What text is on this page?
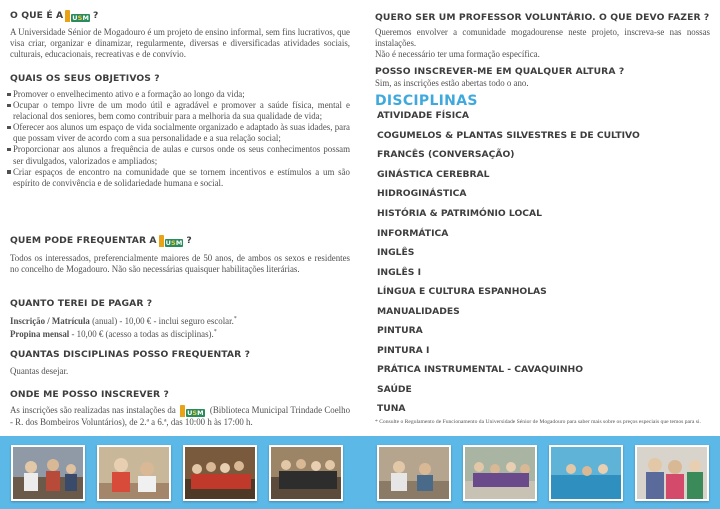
O QUE É A USM ?
A Universidade Sénior de Mogadouro é um projeto de ensino informal, sem fins lucrativos, que visa criar, organizar e dinamizar, regularmente, diversas e diversificadas atividades sociais, culturais, educacionais, recreativas e de convívio.
QUAIS OS SEUS OBJETIVOS ?
Promover o envelhecimento ativo e a formação ao longo da vida;
Ocupar o tempo livre de um modo útil e agradável e promover a saúde física, mental e relacional dos seniores, bem como contribuir para a melhoria da sua qualidade de vida;
Oferecer aos alunos um espaço de vida socialmente organizado e adaptado às suas idades, para que possam viver de acordo com a sua personalidade e a sua relação social;
Proporcionar aos alunos a frequência de aulas e cursos onde os seus conhecimentos possam ser divulgados, valorizados e ampliados;
Criar espaços de encontro na comunidade que se tornem incentivos e estímulos a um são espírito de convivência e de solidariedade humana e social.
QUEM PODE FREQUENTAR A USM ?
Todos os interessados, preferencialmente maiores de 50 anos, de ambos os sexos e residentes no concelho de Mogadouro. Não são necessárias quaisquer habilitações literárias.
QUANTO TEREI DE PAGAR ?
Inscrição / Matrícula (anual) - 10,00 € - inclui seguro escolar.*
Propina mensal - 10,00 € (acesso a todas as disciplinas).*
QUANTAS DISCIPLINAS POSSO FREQUENTAR ?
Quantas desejar.
ONDE ME POSSO INSCREVER ?
As inscrições são realizadas nas instalações da USM (Biblioteca Municipal Trindade Coelho - R. dos Bombeiros Voluntários), de 2.ª a 6.ª, das 10:00 h às 17:00 h.
QUERO SER UM PROFESSOR VOLUNTÁRIO. O QUE DEVO FAZER ?
Queremos envolver a comunidade mogadourense neste projeto, inscreva-se nas nossas instalações.
Não é necessário ter uma formação específica.
POSSO INSCREVER-ME EM QUALQUER ALTURA ?
Sim, as inscrições estão abertas todo o ano.
DISCIPLINAS
ATIVIDADE FÍSICA
COGUMELOS & PLANTAS SILVESTRES E DE CULTIVO
FRANCÊS (CONVERSAÇÃO)
GINÁSTICA CEREBRAL
HIDROGINÁSTICA
HISTÓRIA & PATRIMÓNIO LOCAL
INFORMÁTICA
INGLÊS
INGLÊS I
LÍNGUA E CULTURA ESPANHOLAS
MANUALIDADES
PINTURA
PINTURA I
PRÁTICA INSTRUMENTAL - CAVAQUINHO
SAÚDE
TUNA
* Consulte o Regulamento de Funcionamento da Universidade Sénior de Mogadouro para saber mais sobre os preços especiais que temos para si.
